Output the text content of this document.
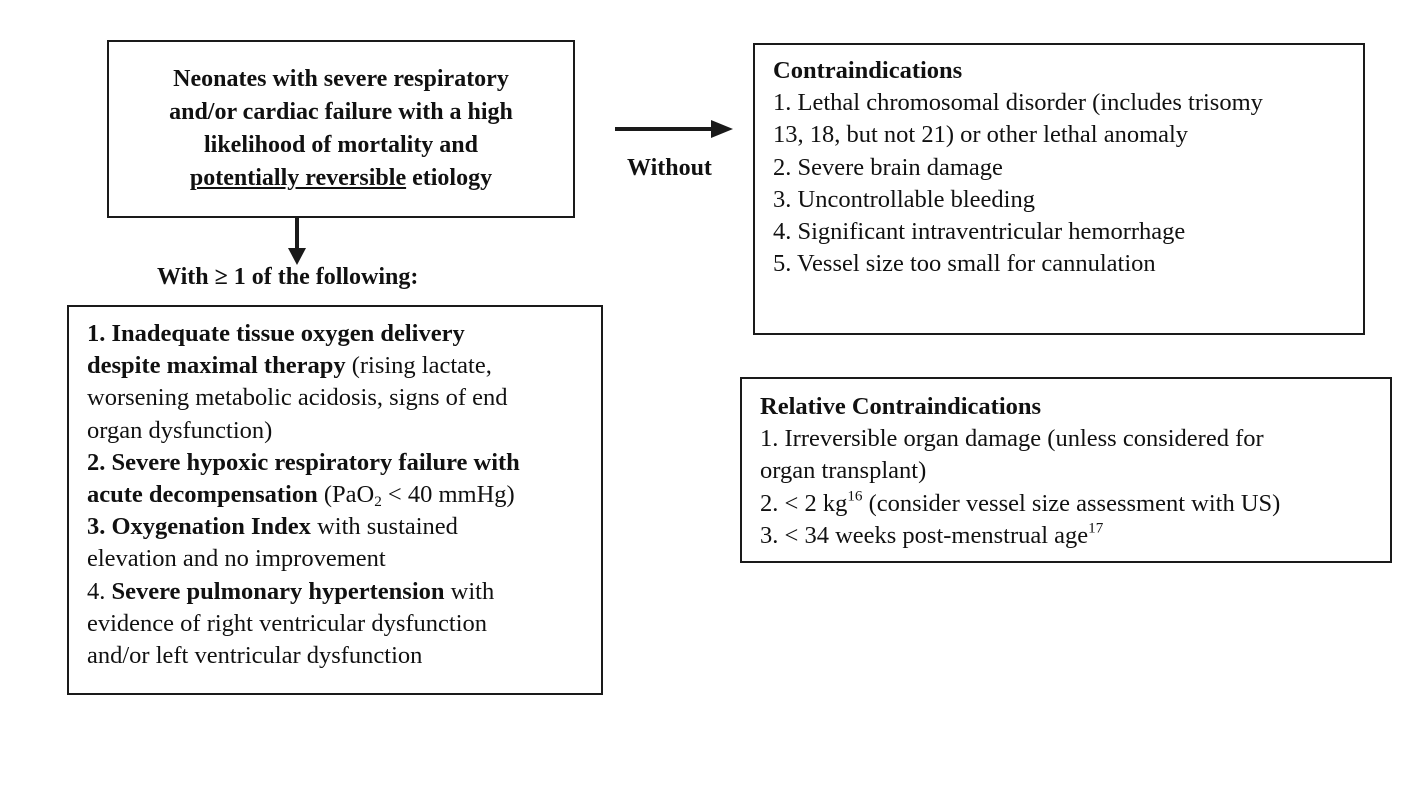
Neonates with severe respiratory
and/or cardiac failure with a high
likelihood of mortality and
potentially reversible etiology
With ≥ 1 of the following:
Without
1. Inadequate tissue oxygen delivery
despite maximal therapy (rising lactate,
worsening metabolic acidosis, signs of end
organ dysfunction)
2. Severe hypoxic respiratory failure with
acute decompensation (PaO$_2$ < 40 mmHg)
3. Oxygenation Index with sustained
elevation and no improvement
4. Severe pulmonary hypertension with
evidence of right ventricular dysfunction
and/or left ventricular dysfunction
Contraindications
1. Lethal chromosomal disorder (includes trisomy
13, 18, but not 21) or other lethal anomaly
2. Severe brain damage
3. Uncontrollable bleeding
4. Significant intraventricular hemorrhage
5. Vessel size too small for cannulation
Relative Contraindications
1. Irreversible organ damage (unless considered for
organ transplant)
2. < 2 $kg^{16}$ (consider vessel size assessment with US)
3. < 34 weeks post-menstrual age$^{17}$
